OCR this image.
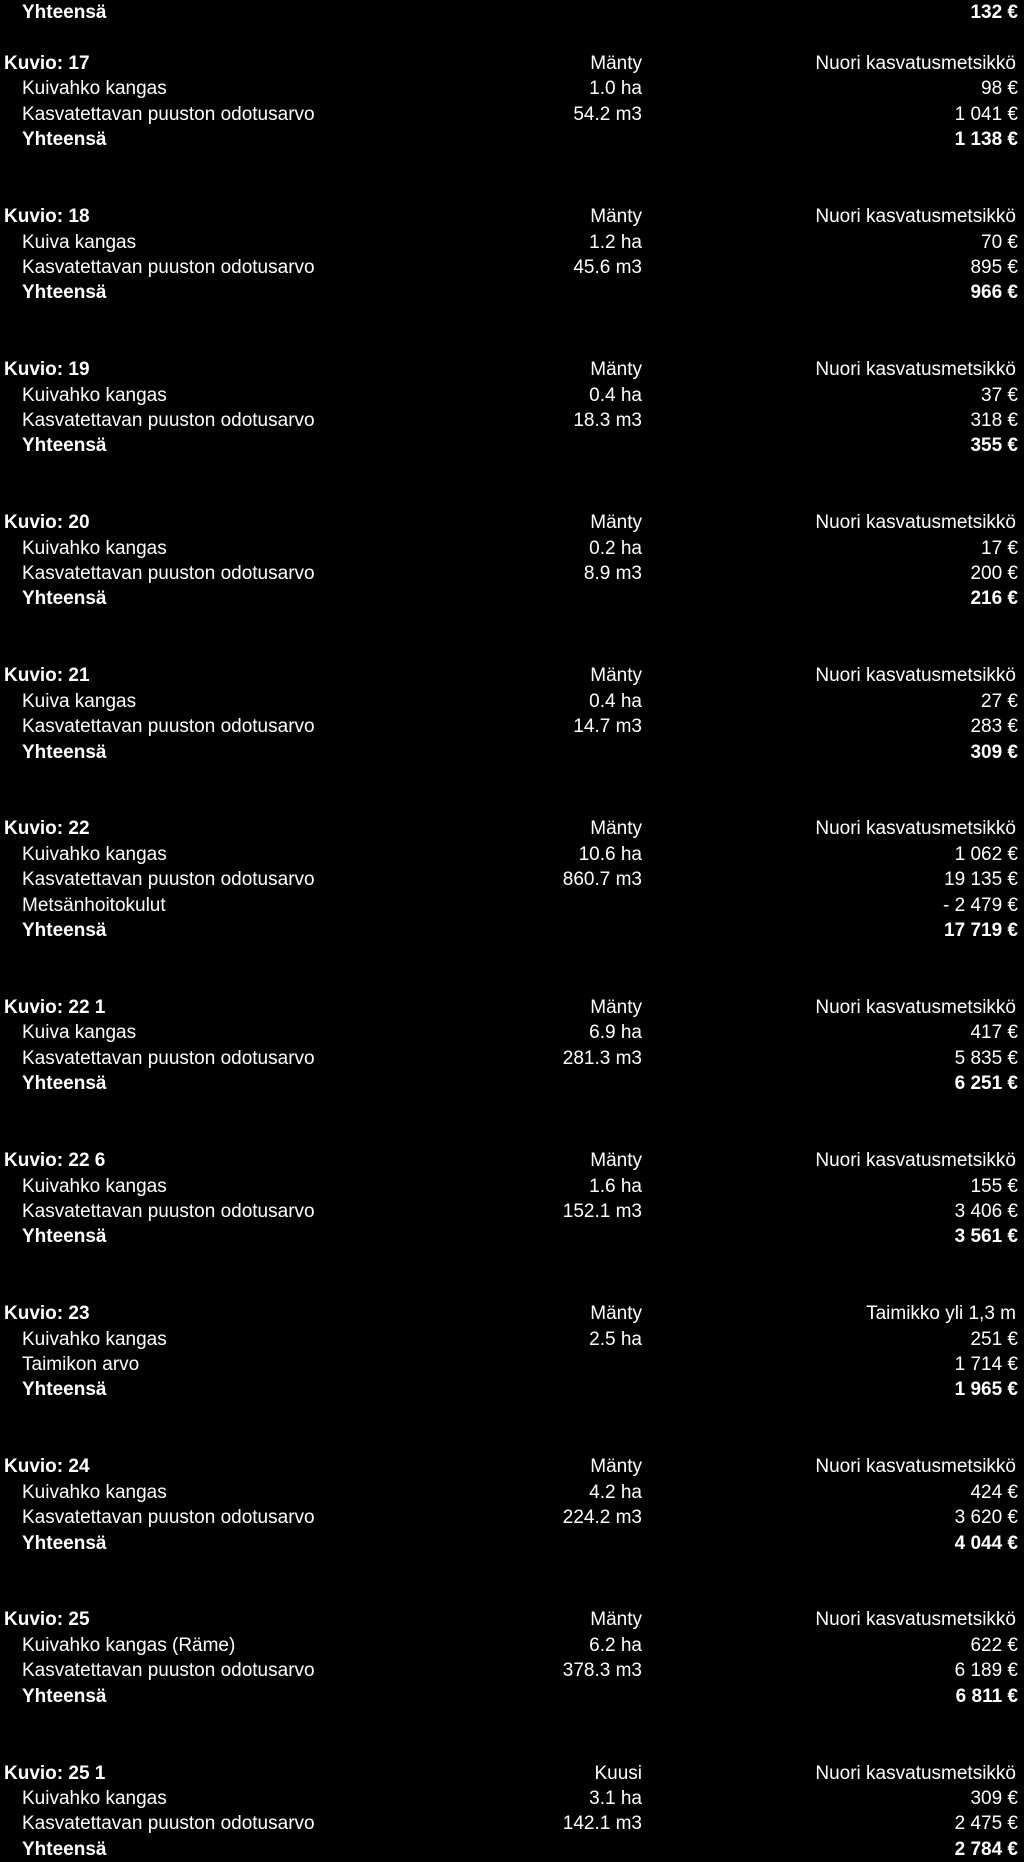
Yhteensä	132 €
Kuvio: 17	Mänty	Nuori kasvatusmetsikkö
Kuivahko kangas	1.0 ha	98 €
Kasvatettavan puuston odotusarvo	54.2 m3	1 041 €
Yhteensä	1 138 €
Kuvio: 18	Mänty	Nuori kasvatusmetsikkö
Kuiva kangas	1.2 ha	70 €
Kasvatettavan puuston odotusarvo	45.6 m3	895 €
Yhteensä	966 €
Kuvio: 19	Mänty	Nuori kasvatusmetsikkö
Kuivahko kangas	0.4 ha	37 €
Kasvatettavan puuston odotusarvo	18.3 m3	318 €
Yhteensä	355 €
Kuvio: 20	Mänty	Nuori kasvatusmetsikkö
Kuivahko kangas	0.2 ha	17 €
Kasvatettavan puuston odotusarvo	8.9 m3	200 €
Yhteensä	216 €
Kuvio: 21	Mänty	Nuori kasvatusmetsikkö
Kuiva kangas	0.4 ha	27 €
Kasvatettavan puuston odotusarvo	14.7 m3	283 €
Yhteensä	309 €
Kuvio: 22	Mänty	Nuori kasvatusmetsikkö
Kuivahko kangas	10.6 ha	1 062 €
Kasvatettavan puuston odotusarvo	860.7 m3	19 135 €
Metsänhoitokulut	- 2 479 €
Yhteensä	17 719 €
Kuvio: 22 1	Mänty	Nuori kasvatusmetsikkö
Kuiva kangas	6.9 ha	417 €
Kasvatettavan puuston odotusarvo	281.3 m3	5 835 €
Yhteensä	6 251 €
Kuvio: 22 6	Mänty	Nuori kasvatusmetsikkö
Kuivahko kangas	1.6 ha	155 €
Kasvatettavan puuston odotusarvo	152.1 m3	3 406 €
Yhteensä	3 561 €
Kuvio: 23	Mänty	Taimikko yli 1,3 m
Kuivahko kangas	2.5 ha	251 €
Taimikon arvo	1 714 €
Yhteensä	1 965 €
Kuvio: 24	Mänty	Nuori kasvatusmetsikkö
Kuivahko kangas	4.2 ha	424 €
Kasvatettavan puuston odotusarvo	224.2 m3	3 620 €
Yhteensä	4 044 €
Kuvio: 25	Mänty	Nuori kasvatusmetsikkö
Kuivahko kangas (Räme)	6.2 ha	622 €
Kasvatettavan puuston odotusarvo	378.3 m3	6 189 €
Yhteensä	6 811 €
Kuvio: 25 1	Kuusi	Nuori kasvatusmetsikkö
Kuivahko kangas	3.1 ha	309 €
Kasvatettavan puuston odotusarvo	142.1 m3	2 475 €
Yhteensä	2 784 €
